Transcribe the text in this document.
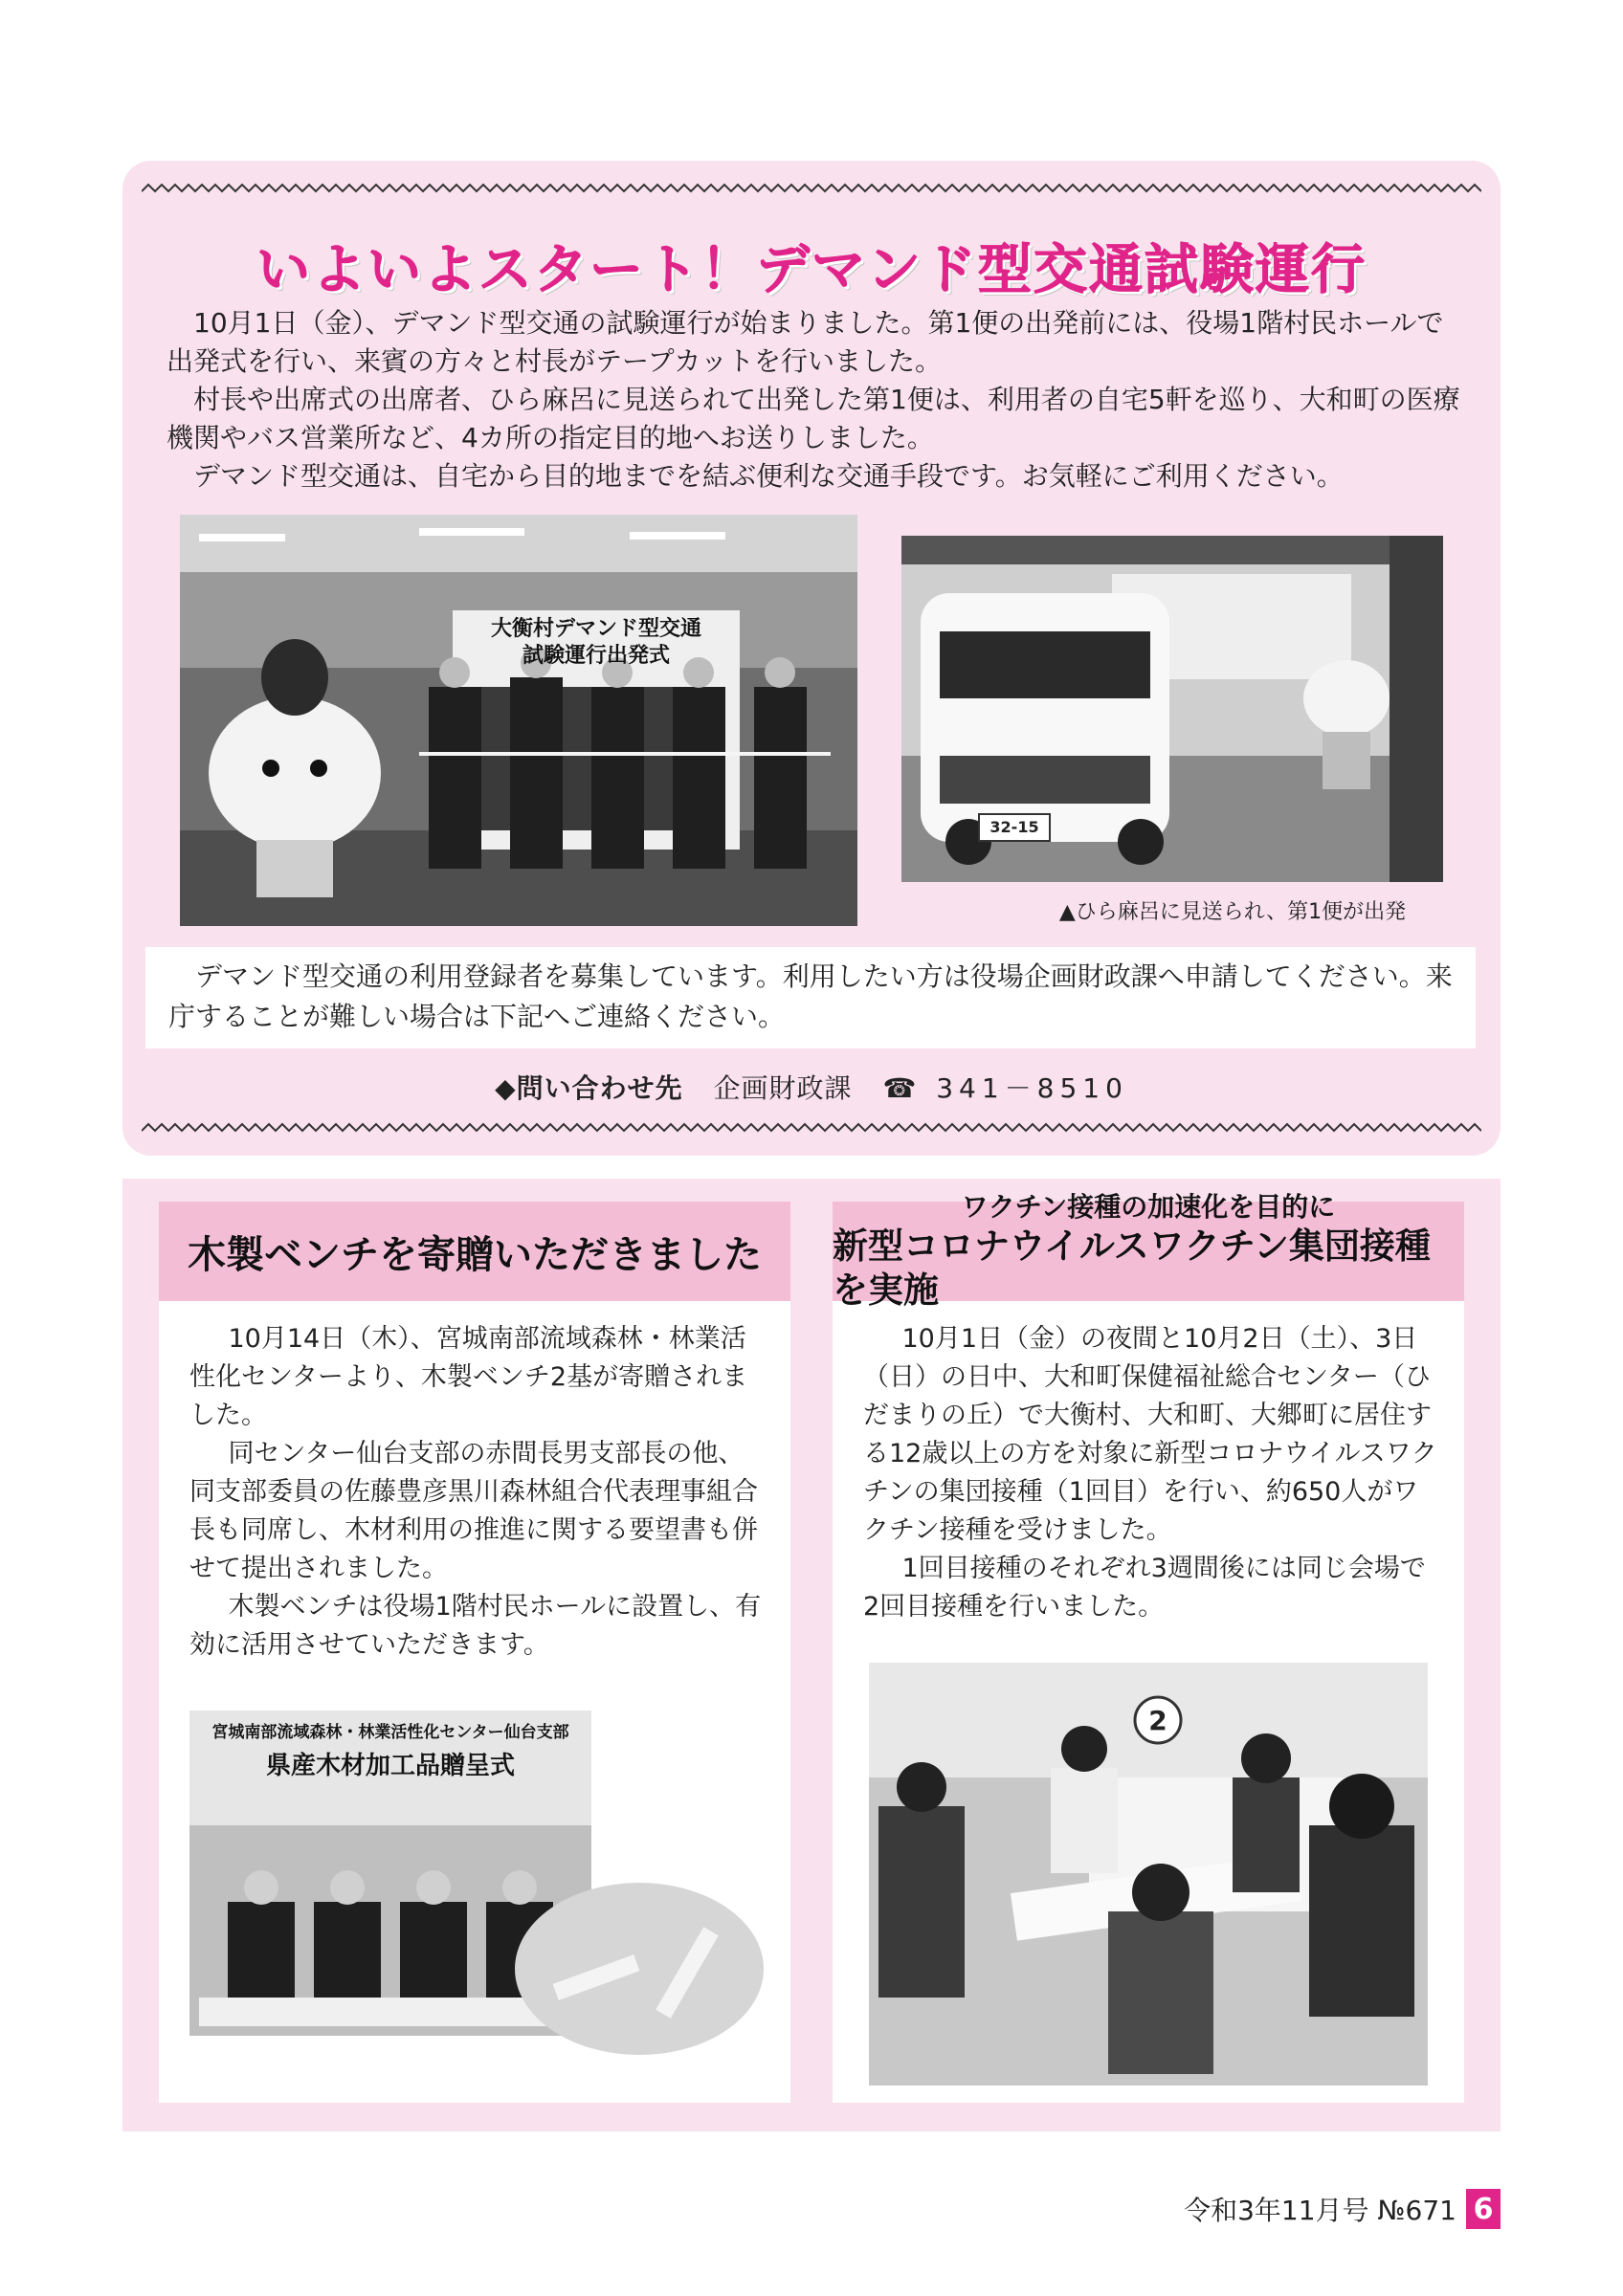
いよいよスタート！デマンド型交通試験運行

10月1日（金）、デマンド型交通の試験運行が始まりました。第1便の出発前には、役場1階村民ホールで出発式を行い、来賓の方々と村長がテープカットを行いました。

村長や出席式の出席者、ひら麻呂に見送られて出発した第1便は、利用者の自宅5軒を巡り、大和町の医療機関やバス営業所など、4カ所の指定目的地へお送りしました。

デマンド型交通は、自宅から目的地までを結ぶ便利な交通手段です。お気軽にご利用ください。

大衡村デマンド型交通
試験運行出発式
32-15
▲ひら麻呂に見送られ、第1便が出発

デマンド型交通の利用登録者を募集しています。利用したい方は役場企画財政課へ申請してください。来庁することが難しい場合は下記へご連絡ください。

◆問い合わせ先 企画財政課 ☎ 341－8510
木製ベンチを寄贈いただきました

10月14日（木）、宮城南部流域森林・林業活性化センターより、木製ベンチ2基が寄贈されました。

同センター仙台支部の赤間長男支部長の他、同支部委員の佐藤豊彦黒川森林組合代表理事組合長も同席し、木材利用の推進に関する要望書も併せて提出されました。

木製ベンチは役場1階村民ホールに設置し、有効に活用させていただきます。

宮城南部流域森林・林業活性化センター仙台支部
県産木材加工品贈呈式
ワクチン接種の加速化を目的に
新型コロナウイルスワクチン集団接種を実施

10月1日（金）の夜間と10月2日（土）、3日（日）の日中、大和町保健福祉総合センター（ひだまりの丘）で大衡村、大和町、大郷町に居住する12歳以上の方を対象に新型コロナウイルスワクチンの集団接種（1回目）を行い、約650人がワクチン接種を受けました。

1回目接種のそれぞれ3週間後には同じ会場で2回目接種を行いました。

2
令和3年11月号 №671 6
